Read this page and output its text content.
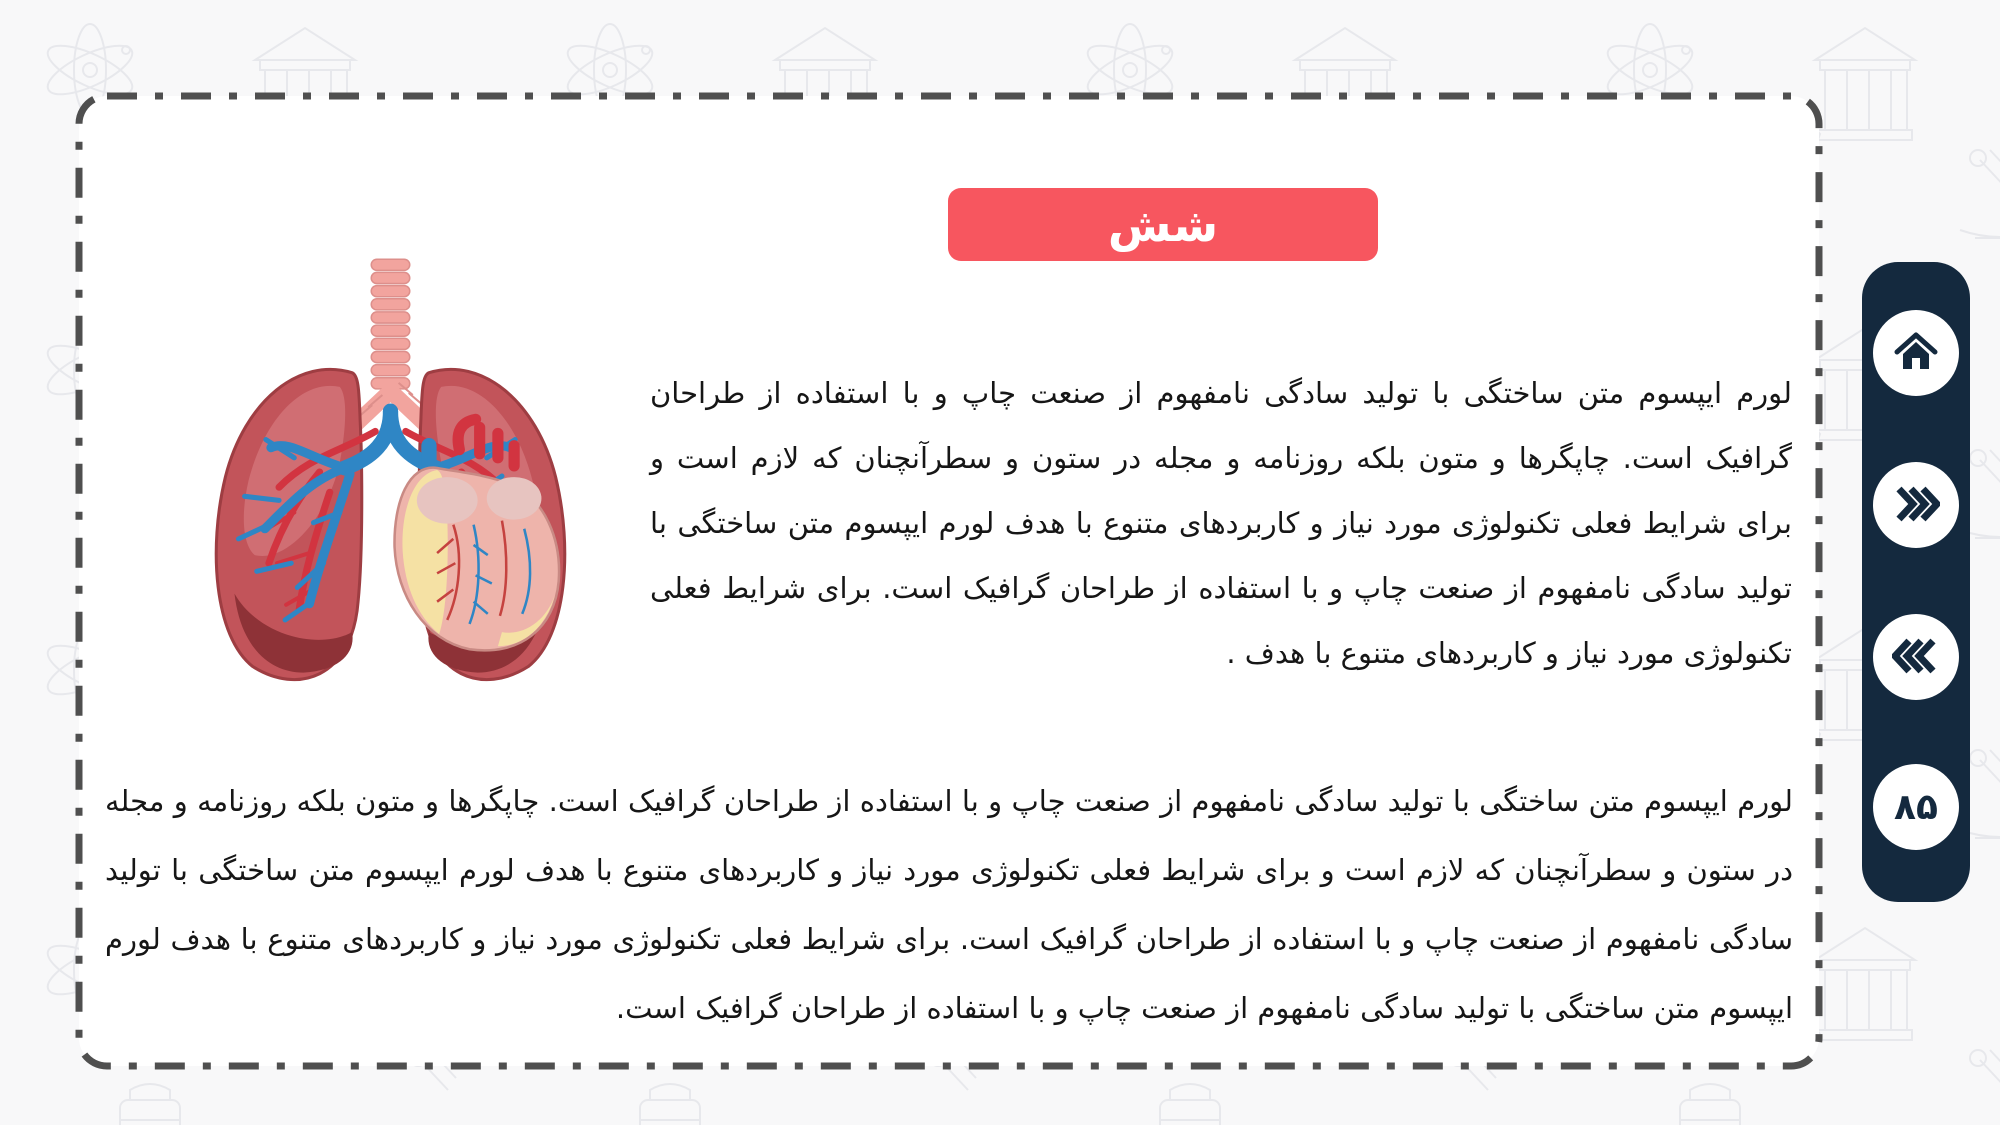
شش

لورم ایپسوم متن ساختگی با تولید سادگی نامفهوم از صنعت چاپ و با استفاده از طراحان گرافیک است. چاپگرها و متون بلکه روزنامه و مجله در ستون و سطرآنچنان که لازم است و برای شرایط فعلی تکنولوژی مورد نیاز و کاربردهای متنوع با هدف لورم ایپسوم متن ساختگی با تولید سادگی نامفهوم از صنعت چاپ و با استفاده از طراحان گرافیک است. برای شرایط فعلی تکنولوژی مورد نیاز و کاربردهای متنوع با هدف .

لورم ایپسوم متن ساختگی با تولید سادگی نامفهوم از صنعت چاپ و با استفاده از طراحان گرافیک است. چاپگرها و متون بلکه روزنامه و مجله در ستون و سطرآنچنان که لازم است و برای شرایط فعلی تکنولوژی مورد نیاز و کاربردهای متنوع با هدف لورم ایپسوم متن ساختگی با تولید سادگی نامفهوم از صنعت چاپ و با استفاده از طراحان گرافیک است. برای شرایط فعلی تکنولوژی مورد نیاز و کاربردهای متنوع با هدف لورم ایپسوم متن ساختگی با تولید سادگی نامفهوم از صنعت چاپ و با استفاده از طراحان گرافیک است.

۸۵
